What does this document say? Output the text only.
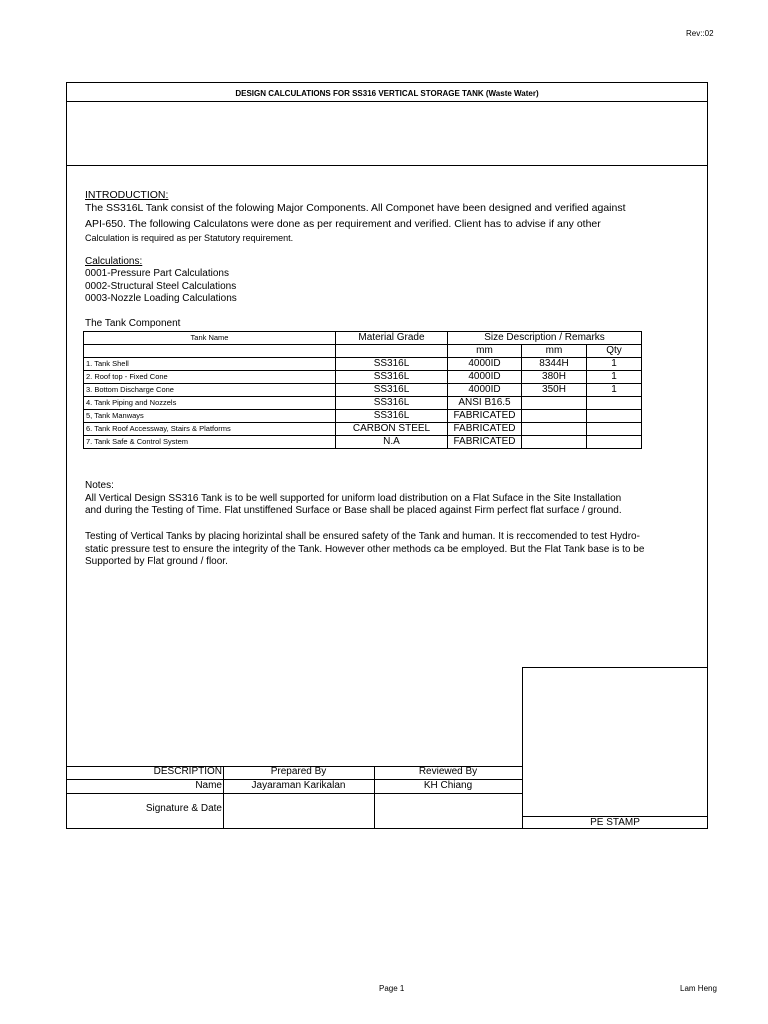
Rev::02
DESIGN CALCULATIONS FOR SS316 VERTICAL STORAGE TANK (Waste Water)
INTRODUCTION:
The SS316L Tank consist of the folowing Major Components. All Componet have been designed and verified against
API-650. The following Calculatons were done as per requirement and verified. Client has to advise if any other
Calculation is required as per Statutory requirement.
Calculations:
0001-Pressure Part Calculations
0002-Structural Steel Calculations
0003-Nozzle Loading Calculations
The Tank Component
Tank Name	Material Grade	Size Description / Remarks		
		mm	mm	Qty
1. Tank Shell	SS316L	4000ID	8344H	1
2. Roof top - Fixed Cone	SS316L	4000ID	380H	1
3. Bottom Discharge Cone	SS316L	4000ID	350H	1
4. Tank Piping and Nozzels	SS316L	ANSI B16.5		
5, Tank Manways	SS316L	FABRICATED		
6. Tank Roof Accessway, Stairs & Platforms	CARBON STEEL	FABRICATED		
7. Tank Safe & Control System	N.A	FABRICATED		
Notes:
All Vertical Design SS316 Tank is to be well supported for uniform load distribution on a Flat Suface in the Site Installation
and during the Testing of Time. Flat unstiffened Surface or Base shall be placed against Firm perfect flat surface / ground.
Testing of Vertical Tanks by placing horizintal shall be ensured safety of the Tank and human. It is reccomended to test Hydro-
static pressure test to ensure the integrity of the Tank. However other methods ca be employed. But the Flat Tank base is to be
Supported by Flat ground / floor.
PE STAMP
DESCRIPTION	Prepared By	Reviewed By
Name	Jayaraman Karikalan	KH Chiang
Signature & Date
Page 1	Lam Heng
